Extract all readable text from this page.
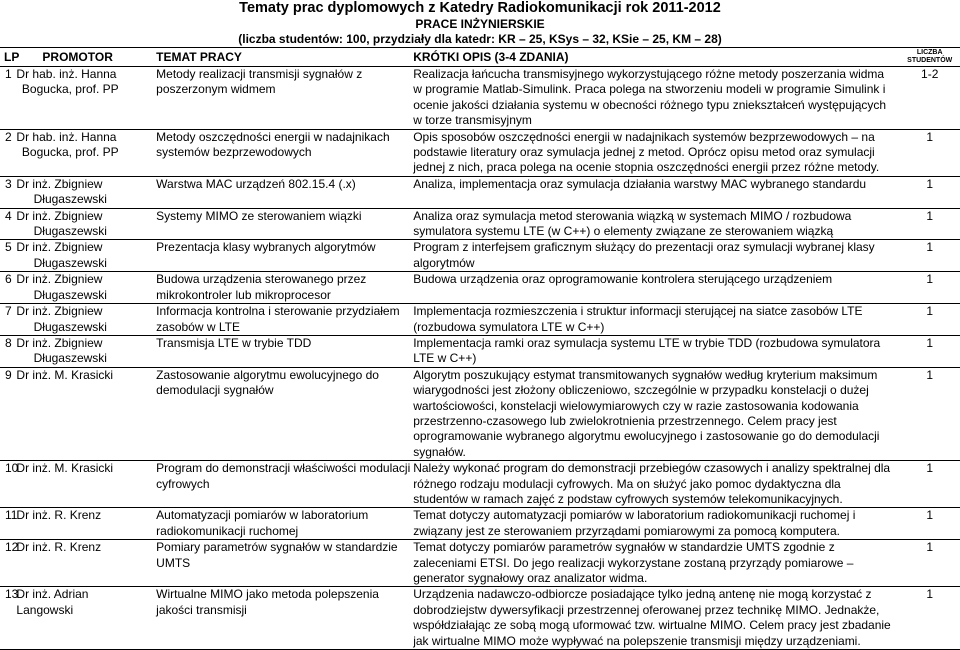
Tematy prac dyplomowych z Katedry Radiokomunikacji rok 2011-2012
PRACE INŻYNIERSKIE
(liczba studentów: 100, przydziały dla katedr: KR – 25, KSys – 32, KSie – 25, KM – 28)
LP	PROMOTOR	TEMAT PRACY	KRÓTKI OPIS (3-4 ZDANIA)	LICZBA
STUDENTÓW
1	Dr hab. inż. Hanna
Bogucka, prof. PP	Metody realizacji transmisji sygnałów z poszerzonym widmem	Realizacja łańcucha transmisyjnego wykorzystującego różne metody poszerzania widma w programie Matlab-Simulink. Praca polega na stworzeniu modeli w programie Simulink i ocenie jakości działania systemu w obecności różnego typu zniekształceń występujących w torze transmisyjnym	1-2
2	Dr hab. inż. Hanna
Bogucka, prof. PP	Metody oszczędności energii w nadajnikach systemów bezprzewodowych	Opis sposobów oszczędności energii w nadajnikach systemów bezprzewodowych – na podstawie literatury oraz symulacja jednej z metod. Oprócz opisu metod oraz symulacji jednej z nich, praca polega na ocenie stopnia oszczędności energii przez różne metody.	1
3	Dr inż. Zbigniew
Długaszewski	Warstwa MAC urządzeń 802.15.4 (.x)	Analiza, implementacja oraz symulacja działania warstwy MAC wybranego standardu	1
4	Dr inż. Zbigniew
Długaszewski	Systemy MIMO ze sterowaniem wiązki	Analiza oraz symulacja metod sterowania wiązką w systemach MIMO / rozbudowa symulatora systemu LTE (w C++) o elementy związane ze sterowaniem wiązką	1
5	Dr inż. Zbigniew
Długaszewski	Prezentacja klasy wybranych algorytmów	Program z interfejsem graficznym służący do prezentacji oraz symulacji wybranej klasy algorytmów	1
6	Dr inż. Zbigniew
Długaszewski	Budowa urządzenia sterowanego przez mikrokontroler lub mikroprocesor	Budowa urządzenia oraz oprogramowanie kontrolera sterującego urządzeniem	1
7	Dr inż. Zbigniew
Długaszewski	Informacja kontrolna i sterowanie przydziałem zasobów w LTE	Implementacja rozmieszczenia i struktur informacji sterującej na siatce zasobów LTE (rozbudowa symulatora LTE w C++)	1
8	Dr inż. Zbigniew
Długaszewski	Transmisja LTE w trybie TDD	Implementacja ramki oraz symulacja systemu LTE w trybie TDD (rozbudowa symulatora LTE w C++)	1
9	Dr inż. M. Krasicki	Zastosowanie algorytmu ewolucyjnego do demodulacji sygnałów	Algorytm poszukujący estymat transmitowanych sygnałów według kryterium maksimum wiarygodności jest złożony obliczeniowo, szczególnie w przypadku konstelacji o dużej wartościowości, konstelacji wielowymiarowych czy w razie zastosowania kodowania przestrzenno-czasowego lub zwielokrotnienia przestrzennego. Celem pracy jest oprogramowanie wybranego algorytmu ewolucyjnego i zastosowanie go do demodulacji sygnałów.	1
10	Dr inż. M. Krasicki	Program do demonstracji właściwości modulacji cyfrowych	Należy wykonać program do demonstracji przebiegów czasowych i analizy spektralnej dla różnego rodzaju modulacji cyfrowych. Ma on służyć jako pomoc dydaktyczna dla studentów w ramach zajęć z podstaw cyfrowych systemów telekomunikacyjnych.	1
11	Dr inż. R. Krenz	Automatyzacji pomiarów w laboratorium radiokomunikacji ruchomej	Temat dotyczy automatyzacji pomiarów w laboratorium radiokomunikacji ruchomej i związany jest ze sterowaniem przyrządami pomiarowymi za pomocą komputera.	1
12	Dr inż. R. Krenz	Pomiary parametrów sygnałów w standardzie UMTS	Temat dotyczy pomiarów parametrów sygnałów w standardzie UMTS zgodnie z zaleceniami ETSI. Do jego realizacji wykorzystane zostaną przyrządy pomiarowe – generator sygnałowy oraz analizator widma.	1
13	Dr inż. Adrian Langowski	Wirtualne MIMO jako metoda polepszenia jakości transmisji	Urządzenia nadawczo-odbiorcze posiadające tylko jedną antenę nie mogą korzystać z dobrodziejstw dywersyfikacji przestrzennej oferowanej przez technikę MIMO. Jednakże, współdziałając ze sobą mogą uformować tzw. wirtualne MIMO. Celem pracy jest zbadanie jak wirtualne MIMO może wypływać na polepszenie transmisji między urządzeniami.	1
